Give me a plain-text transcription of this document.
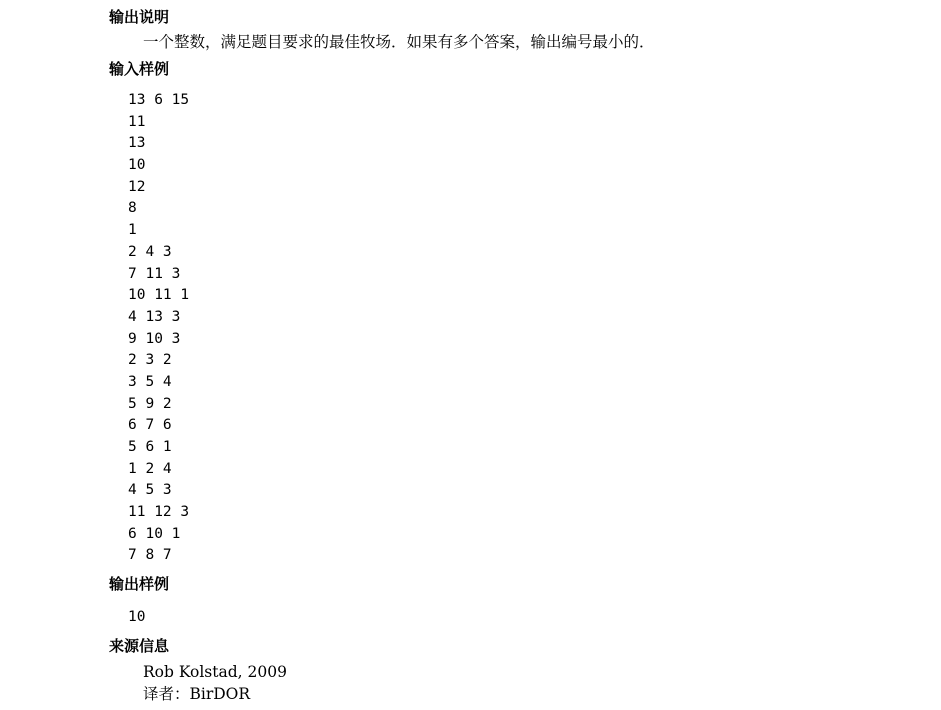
输出说明
一个整数，满足题目要求的最佳牧场．如果有多个答案，输出编号最小的．
输入样例
13 6 15
11
13
10
12
8
1
2 4 3
7 11 3
10 11 1
4 13 3
9 10 3
2 3 2
3 5 4
5 9 2
6 7 6
5 6 1
1 2 4
4 5 3
11 12 3
6 10 1
7 8 7
输出样例
10
来源信息
Rob Kolstad, 2009
译者：BirDOR
